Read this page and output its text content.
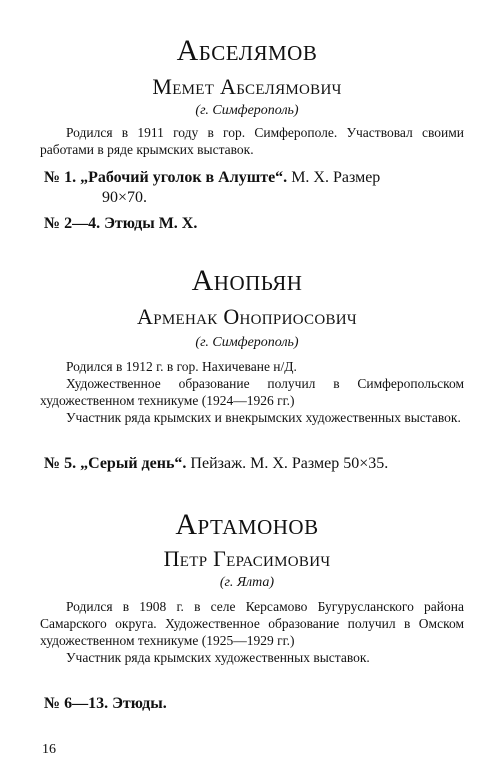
Абселямов
Мемет Абселямович
(г. Симферополь)

Родился в 1911 году в гор. Симферополе. Участвовал своими работами в ряде крымских выставок.

№ 1. „Рабочий уголок в Алуште“. М. Х. Размер
90×70.
№ 2—4. Этюды М. Х.
Анопьян
Арменак Оноприосович
(г. Симферополь)

Родился в 1912 г. в гор. Нахичеване н/Д.

Художественное образование получил в Симферопольском художественном техникуме (1924—1926 гг.)

Участник ряда крымских и внекрымских художественных выставок.

№ 5. „Серый день“. Пейзаж. М. Х. Размер 50×35.
Артамонов
Петр Герасимович
(г. Ялта)

Родился в 1908 г. в селе Керсамово Бугурусланского района Самарского округа. Художественное образование получил в Омском художественном техникуме (1925—1929 гг.)

Участник ряда крымских художественных выставок.

№ 6—13. Этюды.
16
